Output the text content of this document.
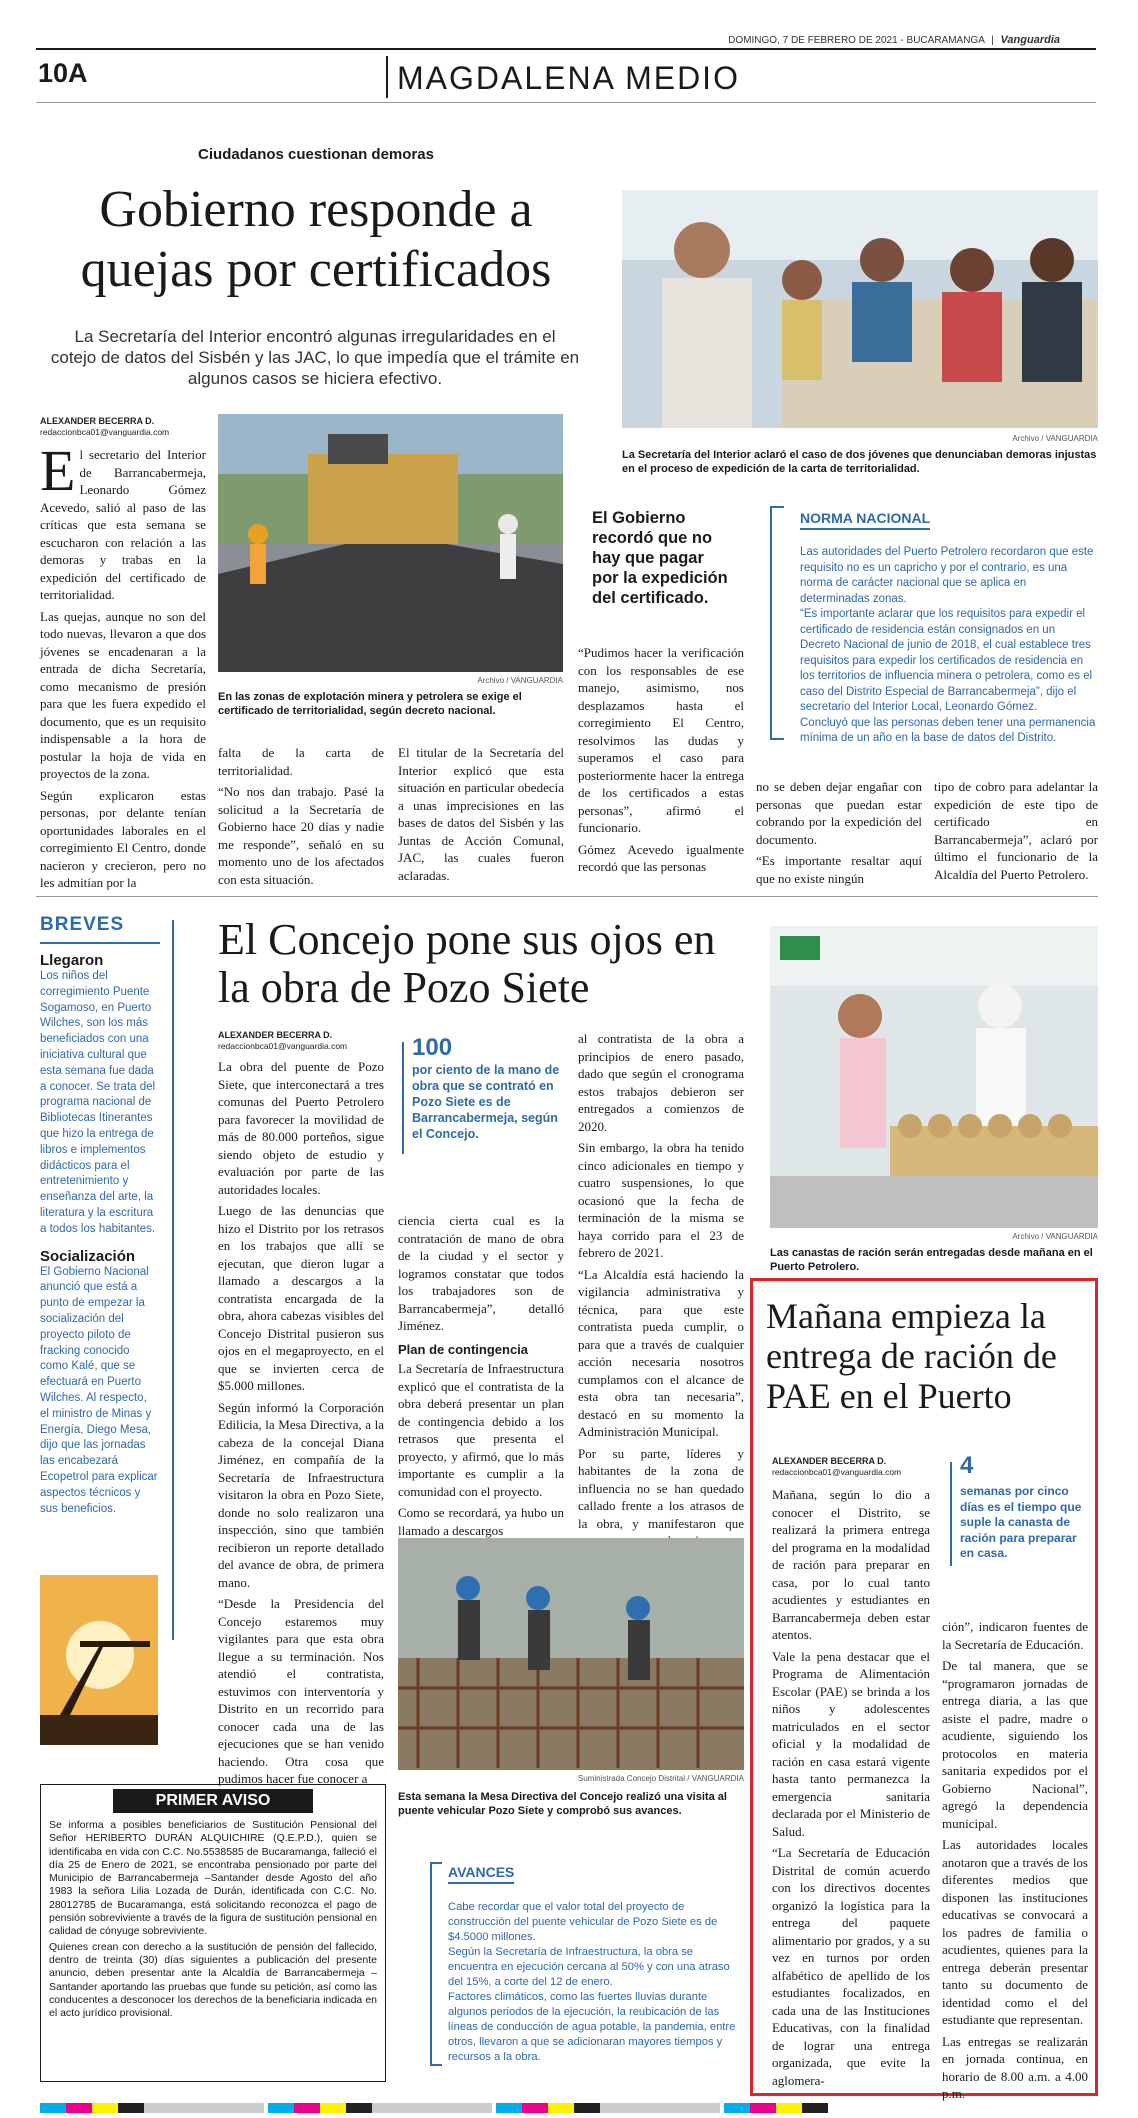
DOMINGO, 7 DE FEBRERO DE 2021 - BUCARAMANGA | Vanguardia
10A	MAGDALENA MEDIO
Ciudadanos cuestionan demoras
Gobierno responde a quejas por certificados
La Secretaría del Interior encontró algunas irregularidades en el cotejo de datos del Sisbén y las JAC, lo que impedía que el trámite en algunos casos se hiciera efectivo.
ALEXANDER BECERRA D.
redaccionbca01@vanguardia.com

El secretario del Interior de Barrancabermeja, Leonardo Gómez Acevedo, salió al paso de las críticas que esta semana se escucharon con relación a las demoras y trabas en la expedición del certificado de territorialidad.

Las quejas, aunque no son del todo nuevas, llevaron a que dos jóvenes se encadenaran a la entrada de dicha Secretaría, como mecanismo de presión para que les fuera expedido el documento, que es un requisito indispensable a la hora de postular la hoja de vida en proyectos de la zona.

Según explicaron estas personas, por delante tenían oportunidades laborales en el corregimiento El Centro, donde nacieron y crecieron, pero no les admitían por la

Archivo / VANGUARDIA
En las zonas de explotación minera y petrolera se exige el certificado de territorialidad, según decreto nacional.
Archivo / VANGUARDIA
La Secretaría del Interior aclaró el caso de dos jóvenes que denunciaban demoras injustas en el proceso de expedición de la carta de territorialidad.
El Gobierno recordó que no hay que pagar por la expedición del certificado.
NORMA NACIONAL
Las autoridades del Puerto Petrolero recordaron que este requisito no es un capricho y por el contrario, es una norma de carácter nacional que se aplica en determinadas zonas.
“Es importante aclarar que los requisitos para expedir el certificado de residencia están consignados en un Decreto Nacional de junio de 2018, el cual establece tres requisitos para expedir los certificados de residencia en los territorios de influencia minera o petrolera, como es el caso del Distrito Especial de Barrancabermeja”, dijo el secretario del Interior Local, Leonardo Gómez.
Concluyó que las personas deben tener una permanencia mínima de un año en la base de datos del Distrito.

falta de la carta de territorialidad.

“No nos dan trabajo. Pasé la solicitud a la Secretaría de Gobierno hace 20 días y nadie me responde”, señaló en su momento uno de los afectados con esta situación.

El titular de la Secretaría del Interior explicó que esta situación en particular obedecía a unas imprecisiones en las bases de datos del Sisbén y las Juntas de Acción Comunal, JAC, las cuales fueron aclaradas.

“Pudimos hacer la verificación con los responsables de ese manejo, asimismo, nos desplazamos hasta el corregimiento El Centro, resolvimos las dudas y superamos el caso para posteriormente hacer la entrega de los certificados a estas personas”, afirmó el funcionario.

Gómez Acevedo igualmente recordó que las personas

no se deben dejar engañar con personas que puedan estar cobrando por la expedición del documento.

“Es importante resaltar aquí que no existe ningún

tipo de cobro para adelantar la expedición de este tipo de certificado en Barrancabermeja”, aclaró por último el funcionario de la Alcaldía del Puerto Petrolero.

BREVES
Llegaron
Los niños del corregimiento Puente Sogamoso, en Puerto Wilches, son los más beneficiados con una iniciativa cultural que esta semana fue dada a conocer. Se trata del programa nacional de Bibliotecas Itinerantes que hizo la entrega de libros e implementos didácticos para el entretenimiento y enseñanza del arte, la literatura y la escritura a todos los habitantes.
Socialización
El Gobierno Nacional anunció que está a punto de empezar la socialización del proyecto piloto de fracking conocido como Kalé, que se efectuará en Puerto Wilches. Al respecto, el ministro de Minas y Energía, Diego Mesa, dijo que las jornadas las encabezará Ecopetrol para explicar aspectos técnicos y sus beneficios.
El Concejo pone sus ojos en la obra de Pozo Siete
ALEXANDER BECERRA D.
redaccionbca01@vanguardia.com

La obra del puente de Pozo Siete, que interconectará a tres comunas del Puerto Petrolero para favorecer la movilidad de más de 80.000 porteños, sigue siendo objeto de estudio y evaluación por parte de las autoridades locales.

Luego de las denuncias que hizo el Distrito por los retrasos en los trabajos que allí se ejecutan, que dieron lugar a llamado a descargos a la contratista encargada de la obra, ahora cabezas visibles del Concejo Distrital pusieron sus ojos en el megaproyecto, en el que se invierten cerca de $5.000 millones.

Según informó la Corporación Edilicia, la Mesa Directiva, a la cabeza de la concejal Diana Jiménez, en compañía de la Secretaría de Infraestructura visitaron la obra en Pozo Siete, donde no solo realizaron una inspección, sino que también recibieron un reporte detallado del avance de obra, de primera mano.

“Desde la Presidencia del Concejo estaremos muy vigilantes para que esta obra llegue a su terminación. Nos atendió el contratista, estuvimos con interventoría y Distrito en un recorrido para conocer cada una de las ejecuciones que se han venido haciendo. Otra cosa que pudimos hacer fue conocer a

100
por ciento de la mano de obra que se contrató en Pozo Siete es de Barrancabermeja, según el Concejo.

ciencia cierta cual es la contratación de mano de obra de la ciudad y el sector y logramos constatar que todos los trabajadores son de Barrancabermeja”, detalló Jiménez.

Plan de contingencia

La Secretaría de Infraestructura explicó que el contratista de la obra deberá presentar un plan de contingencia debido a los retrasos que presenta el proyecto, y afirmó, que lo más importante es cumplir a la comunidad con el proyecto.

Como se recordará, ya hubo un llamado a descargos

al contratista de la obra a principios de enero pasado, dado que según el cronograma estos trabajos debieron ser entregados a comienzos de 2020.

Sin embargo, la obra ha tenido cinco adicionales en tiempo y cuatro suspensiones, lo que ocasionó que la fecha de terminación de la misma se haya corrido para el 23 de febrero de 2021.

“La Alcaldía está haciendo la vigilancia administrativa y técnica, para que este contratista pueda cumplir, o para que a través de cualquier acción necesaria nosotros cumplamos con el alcance de esta obra tan necesaria”, destacó en su momento la Administración Municipal.

Por su parte, líderes y habitantes de la zona de influencia no se han quedado callado frente a los atrasos de la obra, y manifestaron que

Suministrada Concejo Distrital / VANGUARDIA
Esta semana la Mesa Directiva del Concejo realizó una visita al puente vehicular Pozo Siete y comprobó sus avances.
AVANCES
Cabe recordar que el valor total del proyecto de construcción del puente vehicular de Pozo Siete es de $4.5000 millones.
Según la Secretaría de Infraestructura, la obra se encuentra en ejecución cercana al 50% y con una atraso del 15%, a corte del 12 de enero.
Factores climáticos, como las fuertes lluvias durante algunos periodos de la ejecución, la reubicación de las líneas de conducción de agua potable, la pandemia, entre otros, llevaron a que se adicionaran mayores tiempos y recursos a la obra.
PRIMER AVISO
Se informa a posibles beneficiarios de Sustitución Pensional del Señor HERIBERTO DURÁN ALQUICHIRE (Q.E.P.D.), quien se identificaba en vida con C.C. No.5538585 de Bucaramanga, falleció el día 25 de Enero de 2021, se encontraba pensionado por parte del Municipio de Barrancabermeja –Santander desde Agosto del año 1983 la señora Lilia Lozada de Durán, identificada con C.C. No. 28012785 de Bucaramanga, está solicitando reconozca el pago de pensión sobreviviente a través de la figura de sustitución pensional en calidad de cónyuge sobreviviente.
Quienes crean con derecho a la sustitución de pensión del fallecido, dentro de treinta (30) días siguientes a publicación del presente anuncio, deben presentar ante la Alcaldía de Barrancabermeja –Santander aportando las pruebas que funde su petición, así como las conducentes a desconocer los derechos de la beneficiaria indicada en el acto jurídico provisional.
Archivo / VANGUARDIA
Las canastas de ración serán entregadas desde mañana en el Puerto Petrolero.
Mañana empieza la entrega de ración de PAE en el Puerto
ALEXANDER BECERRA D.
redaccionbca01@vanguardia.com	4
semanas por cinco días es el tiempo que suple la canasta de ración para preparar en casa.

Mañana, según lo dio a conocer el Distrito, se realizará la primera entrega del programa en la modalidad de ración para preparar en casa, por lo cual tanto acudientes y estudiantes en Barrancabermeja deben estar atentos.

Vale la pena destacar que el Programa de Alimentación Escolar (PAE) se brinda a los niños y adolescentes matriculados en el sector oficial y la modalidad de ración en casa estará vigente hasta tanto permanezca la emergencia sanitaria declarada por el Ministerio de Salud.

“La Secretaría de Educación Distrital de común acuerdo con los directivos docentes organizó la logística para la entrega del paquete alimentario por grados, y a su vez en turnos por orden alfabético de apellido de los estudiantes focalizados, en cada una de las Instituciones Educativas, con la finalidad de lograr una entrega organizada, que evite la aglomera-

ción”, indicaron fuentes de la Secretaría de Educación.

De tal manera, que se “programaron jornadas de entrega diaria, a las que asiste el padre, madre o acudiente, siguiendo los protocolos en materia sanitaria expedidos por el Gobierno Nacional”, agregó la dependencia municipal.

Las autoridades locales anotaron que a través de los diferentes medios que disponen las instituciones educativas se convocará a los padres de familia o acudientes, quienes para la entrega deberán presentar tanto su documento de identidad como el del estudiante que representan.

Las entregas se realizarán en jornada continua, en horario de 8.00 a.m. a 4.00 p.m.
